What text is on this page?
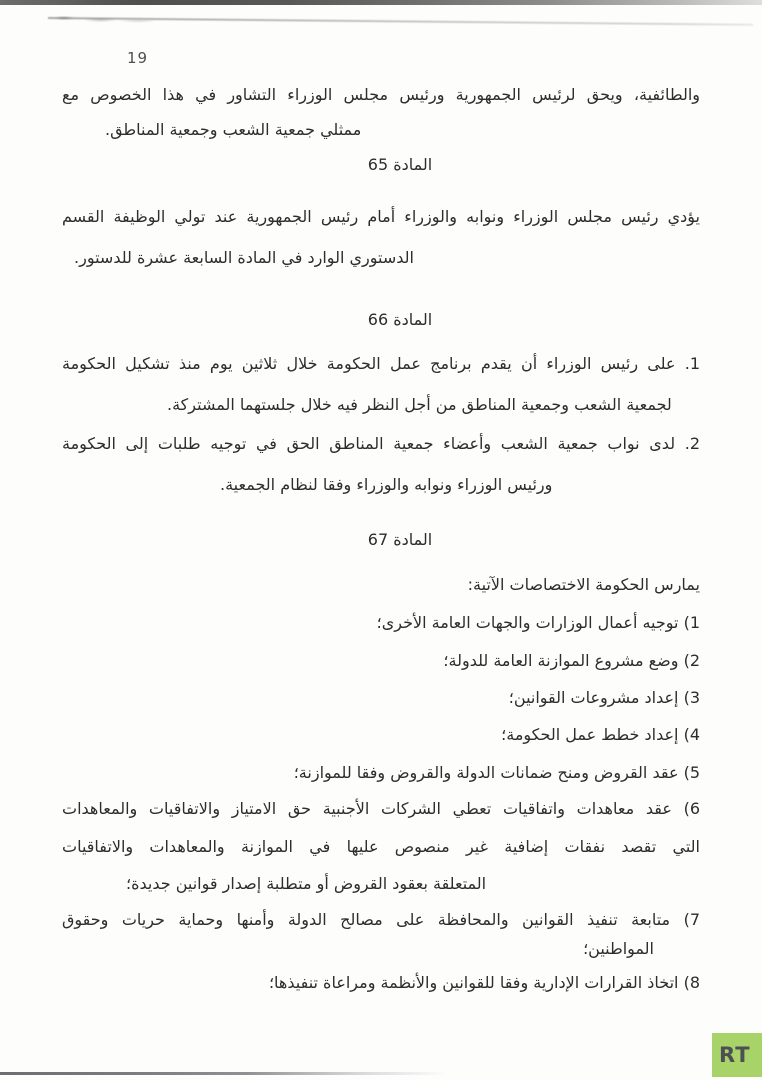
19
والطائفية، ويحق لرئيس الجمهورية ورئيس مجلس الوزراء التشاور في هذا الخصوص مع
ممثلي جمعية الشعب وجمعية المناطق.
المادة 65
يؤدي رئيس مجلس الوزراء ونوابه والوزراء أمام رئيس الجمهورية عند تولي الوظيفة القسم
الدستوري الوارد في المادة السابعة عشرة للدستور.
المادة 66
1. على رئيس الوزراء أن يقدم برنامج عمل الحكومة خلال ثلاثين يوم منذ تشكيل الحكومة
لجمعية الشعب وجمعية المناطق من أجل النظر فيه خلال جلستهما المشتركة.
2. لدى نواب جمعية الشعب وأعضاء جمعية المناطق الحق في توجيه طلبات إلى الحكومة
ورئيس الوزراء ونوابه والوزراء وفقا لنظام الجمعية.
المادة 67
يمارس الحكومة الاختصاصات الآتية:
1) توجيه أعمال الوزارات والجهات العامة الأخرى؛
2) وضع مشروع الموازنة العامة للدولة؛
3) إعداد مشروعات القوانين؛
4) إعداد خطط عمل الحكومة؛
5) عقد القروض ومنح ضمانات الدولة والقروض وفقا للموازنة؛
6) عقد معاهدات واتفاقيات تعطي الشركات الأجنبية حق الامتياز والاتفاقيات والمعاهدات
التي تقصد نفقات إضافية غير منصوص عليها في الموازنة والمعاهدات والاتفاقيات
المتعلقة بعقود القروض أو متطلبة إصدار قوانين جديدة؛
7) متابعة تنفيذ القوانين والمحافظة على مصالح الدولة وأمنها وحماية حريات وحقوق
المواطنين؛
8) اتخاذ القرارات الإدارية وفقا للقوانين والأنظمة ومراعاة تنفيذها؛
RT
